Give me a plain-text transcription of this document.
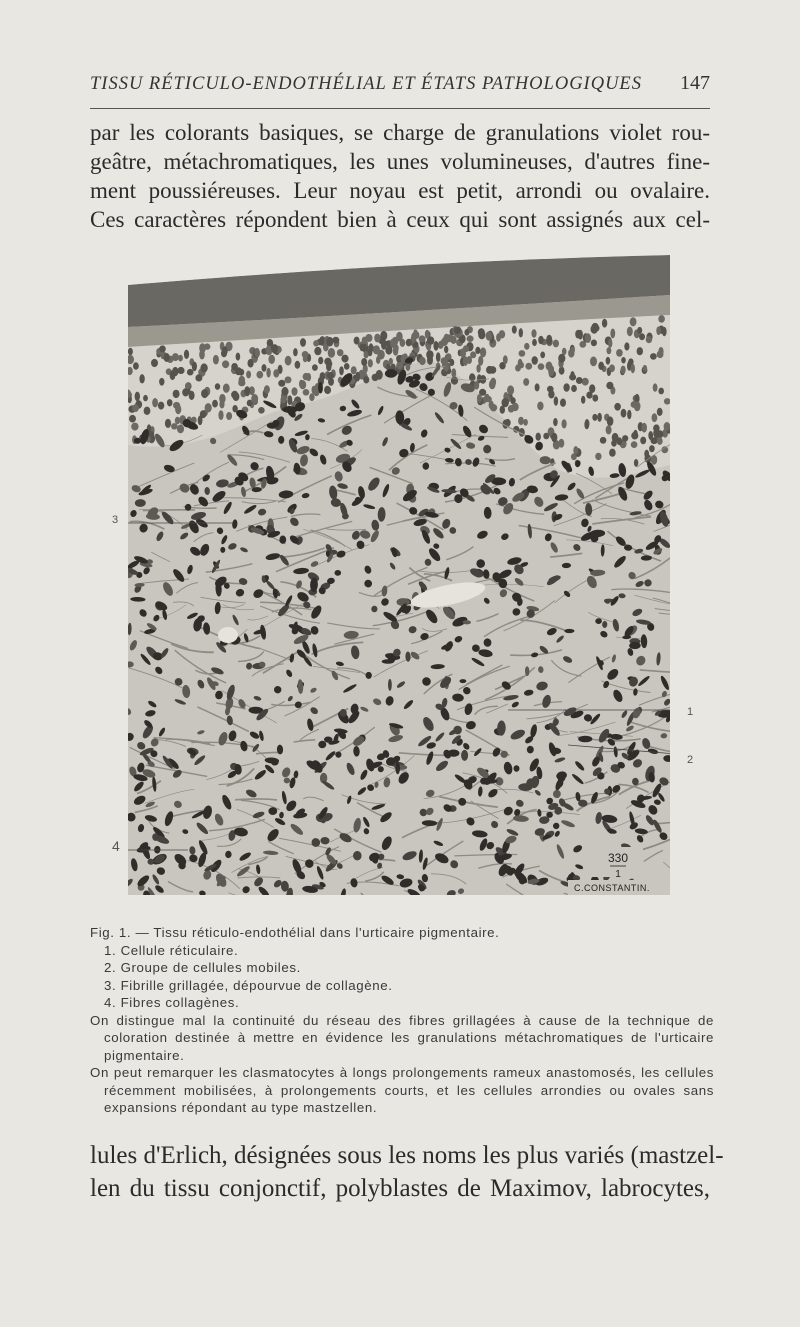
TISSU RÉTICULO-ENDOTHÉLIAL ET ÉTATS PATHOLOGIQUES 147
par les colorants basiques, se charge de granulations violet rou-
geâtre, métachromatiques, les unes volumineuses, d'autres fine-
ment poussiéreuses. Leur noyau est petit, arrondi ou ovalaire.
Ces caractères répondent bien à ceux qui sont assignés aux cel-
330
1
C.CONSTANTIN.
3
1
2
4
Fig. 1. — Tissu réticulo-endothélial dans l'urticaire pigmentaire.
1. Cellule réticulaire.
2. Groupe de cellules mobiles.
3. Fibrille grillagée, dépourvue de collagène.
4. Fibres collagènes.
On distingue mal la continuité du réseau des fibres grillagées à cause de la technique de coloration destinée à mettre en évidence les granulations métachromatiques de l'urticaire pigmentaire.
On peut remarquer les clasmatocytes à longs prolongements rameux anastomosés, les cellules récemment mobilisées, à prolongements courts, et les cellules arrondies ou ovales sans expansions répondant au type mastzellen.
lules d'Erlich, désignées sous les noms les plus variés (mastzel-
len du tissu conjonctif, polyblastes de Maximov, labrocytes,
